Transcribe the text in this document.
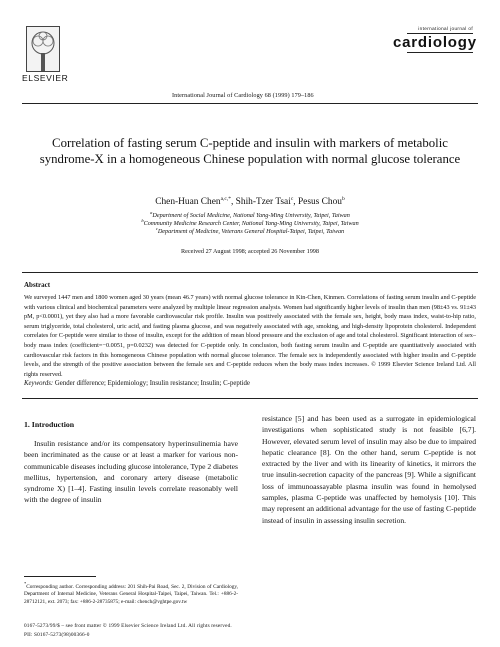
ELSEVIER
international journal of
cardiology
International Journal of Cardiology 68 (1999) 179–186
Correlation of fasting serum C-peptide and insulin with markers of metabolic syndrome-X in a homogeneous Chinese population with normal glucose tolerance
Chen-Huan Chen$^{a,c,*}$, Shih-Tzer Tsai$^c$, Pesus Chou$^b$
$^a$Department of Social Medicine, National Yang-Ming University, Taipei, Taiwan
$^b$Community Medicine Research Center, National Yang-Ming University, Taipei, Taiwan
$^c$Department of Medicine, Veterans General Hospital-Taipei, Taipei, Taiwan
Received 27 August 1998; accepted 26 November 1998
Abstract
We surveyed 1447 men and 1800 women aged 30 years (mean 46.7 years) with normal glucose tolerance in Kin-Chen, Kinmen. Correlations of fasting serum insulin and C-peptide with various clinical and biochemical parameters were analyzed by multiple linear regression analysis. Women had significantly higher levels of insulin than men (98±43 vs. 91±43 pM, p<0.0001), yet they also had a more favorable cardiovascular risk profile. Insulin was positively associated with the female sex, height, body mass index, waist-to-hip ratio, serum triglyceride, total cholesterol, uric acid, and fasting plasma glucose, and was negatively associated with age, smoking, and high-density lipoprotein cholesterol. Independent correlates for C-peptide were similar to those of insulin, except for the addition of mean blood pressure and the exclusion of age and total cholesterol. Significant interaction of sex–body mass index (coefficient=−0.0051, p=0.0232) was detected for C-peptide only. In conclusion, both fasting serum insulin and C-peptide are quantitatively associated with cardiovascular risk factors in this homogeneous Chinese population with normal glucose tolerance. The female sex is independently associated with higher insulin and C-peptide levels, and the strength of the positive association between the female sex and C-peptide reduces when the body mass index increases. © 1999 Elsevier Science Ireland Ltd. All rights reserved.
Keywords: Gender difference; Epidemiology; Insulin resistance; Insulin; C-peptide
1. Introduction
Insulin resistance and/or its compensatory hyperinsulinemia have been incriminated as the cause or at least a marker for various non-communicable diseases including glucose intolerance, Type 2 diabetes mellitus, hypertension, and coronary artery disease (metabolic syndrome X) [1–4]. Fasting insulin levels correlate reasonably well with the degree of insulin
resistance [5] and has been used as a surrogate in epidemiological investigations when sophisticated study is not feasible [6,7]. However, elevated serum level of insulin may also be due to impaired hepatic clearance [8]. On the other hand, serum C-peptide is not extracted by the liver and with its linearity of kinetics, it mirrors the true insulin-secretion capacity of the pancreas [9]. While a significant loss of immunoassayable plasma insulin was found in hemolysed samples, plasma C-peptide was unaffected by hemolysis [10]. This may represent an additional advantage for the use of fasting C-peptide instead of insulin in assessing insulin secretion.
*Corresponding author. Corresponding address: 201 Shih-Pai Road, Sec. 2, Division of Cardiology, Department of Internal Medicine, Veterans General Hospital-Taipei, Taipei, Taiwan. Tel.: +886-2-28712121, ext. 2073; fax: +886-2-28735875; e-mail: chench@vghtpe.gov.tw
0167-5273/99/$ – see front matter © 1999 Elsevier Science Ireland Ltd. All rights reserved.
PII: S0167-5273(98)00366-0
